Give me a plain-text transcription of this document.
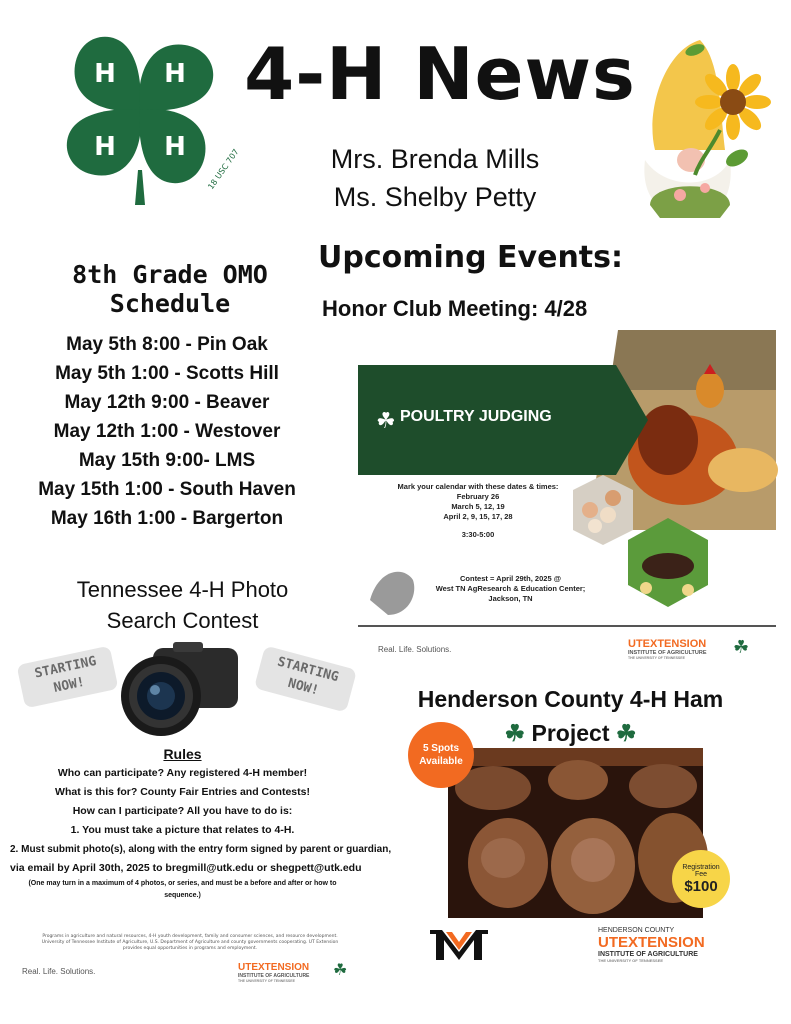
H H
H H
18 USC 707
4-H News
Mrs. Brenda Mills
Ms. Shelby Petty
Upcoming Events:
Honor Club Meeting: 4/28
8th Grade OMO Schedule
May 5th 8:00 - Pin Oak
May 5th 1:00 - Scotts Hill
May 12th 9:00 - Beaver
May 12th 1:00 - Westover
May 15th 9:00- LMS
May 15th 1:00 - South Haven
May 16th 1:00 - Bargerton
Tennessee 4-H Photo Search Contest
STARTING NOW!
STARTING NOW!
Rules
Who can participate? Any registered 4-H member!
What is this for? County Fair Entries and Contests!
How can I participate? All you have to do is:
1. You must take a picture that relates to 4-H.
2. Must submit photo(s), along with the entry form signed by parent or guardian,
via email by April 30th, 2025 to bregmill@utk.edu or shegpett@utk.edu
(One may turn in a maximum of 4 photos, or series, and must be a before and after or how to sequence.)
Programs in agriculture and natural resources, 4-H youth development, family and consumer sciences, and resource development. University of Tennessee Institute of Agriculture, U.S. Department of Agriculture and county governments cooperating. UT Extension provides equal opportunities in programs and employment.
Real. Life. Solutions.	UTEXTENSION
INSTITUTE OF AGRICULTURE
THE UNIVERSITY OF TENNESSEE
☘
☘ POULTRY JUDGING
Mark your calendar with these dates & times:
February 26
March 5, 12, 19
April 2, 9, 15, 17, 28
3:30-5:00
Contest = April 29th, 2025 @
West TN AgResearch & Education Center;
Jackson, TN
Real. Life. Solutions.	UTEXTENSION
INSTITUTE OF AGRICULTURE
THE UNIVERSITY OF TENNESSEE	☘
Henderson County 4-H Ham
☘ Project ☘
5 Spots
Available
Registration
Fee
$100
HENDERSON COUNTY
UTEXTENSION
INSTITUTE OF AGRICULTURE
THE UNIVERSITY OF TENNESSEE
